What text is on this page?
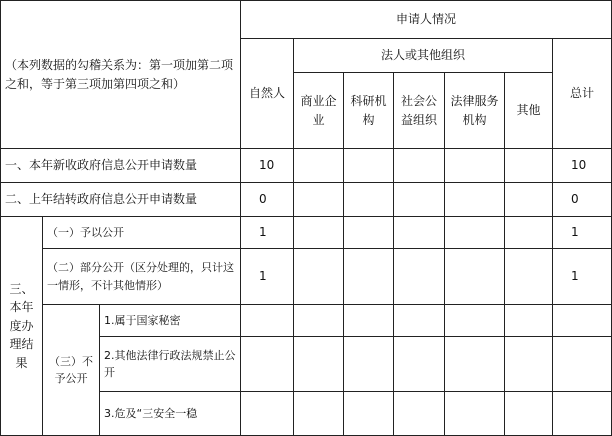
（本列数据的勾稽关系为：第一项加第二项之和，等于第三项加第四项之和）			申请人情况						
			自然人	法人或其他组织					总计
				商业企业	科研机构	社会公益组织	法律服务机构	其他	
一、本年新收政府信息公开申请数量			10						10
二、上年结转政府信息公开申请数量			0						0
三、本年度办理结果	（一）予以公开		1						1
	（二）部分公开（区分处理的，只计这一情形，不计其他情形）		1						1
	（三）不予公开	1.属于国家秘密							
		2.其他法律行政法规禁止公开							
		3.危及“三安全一稳							
